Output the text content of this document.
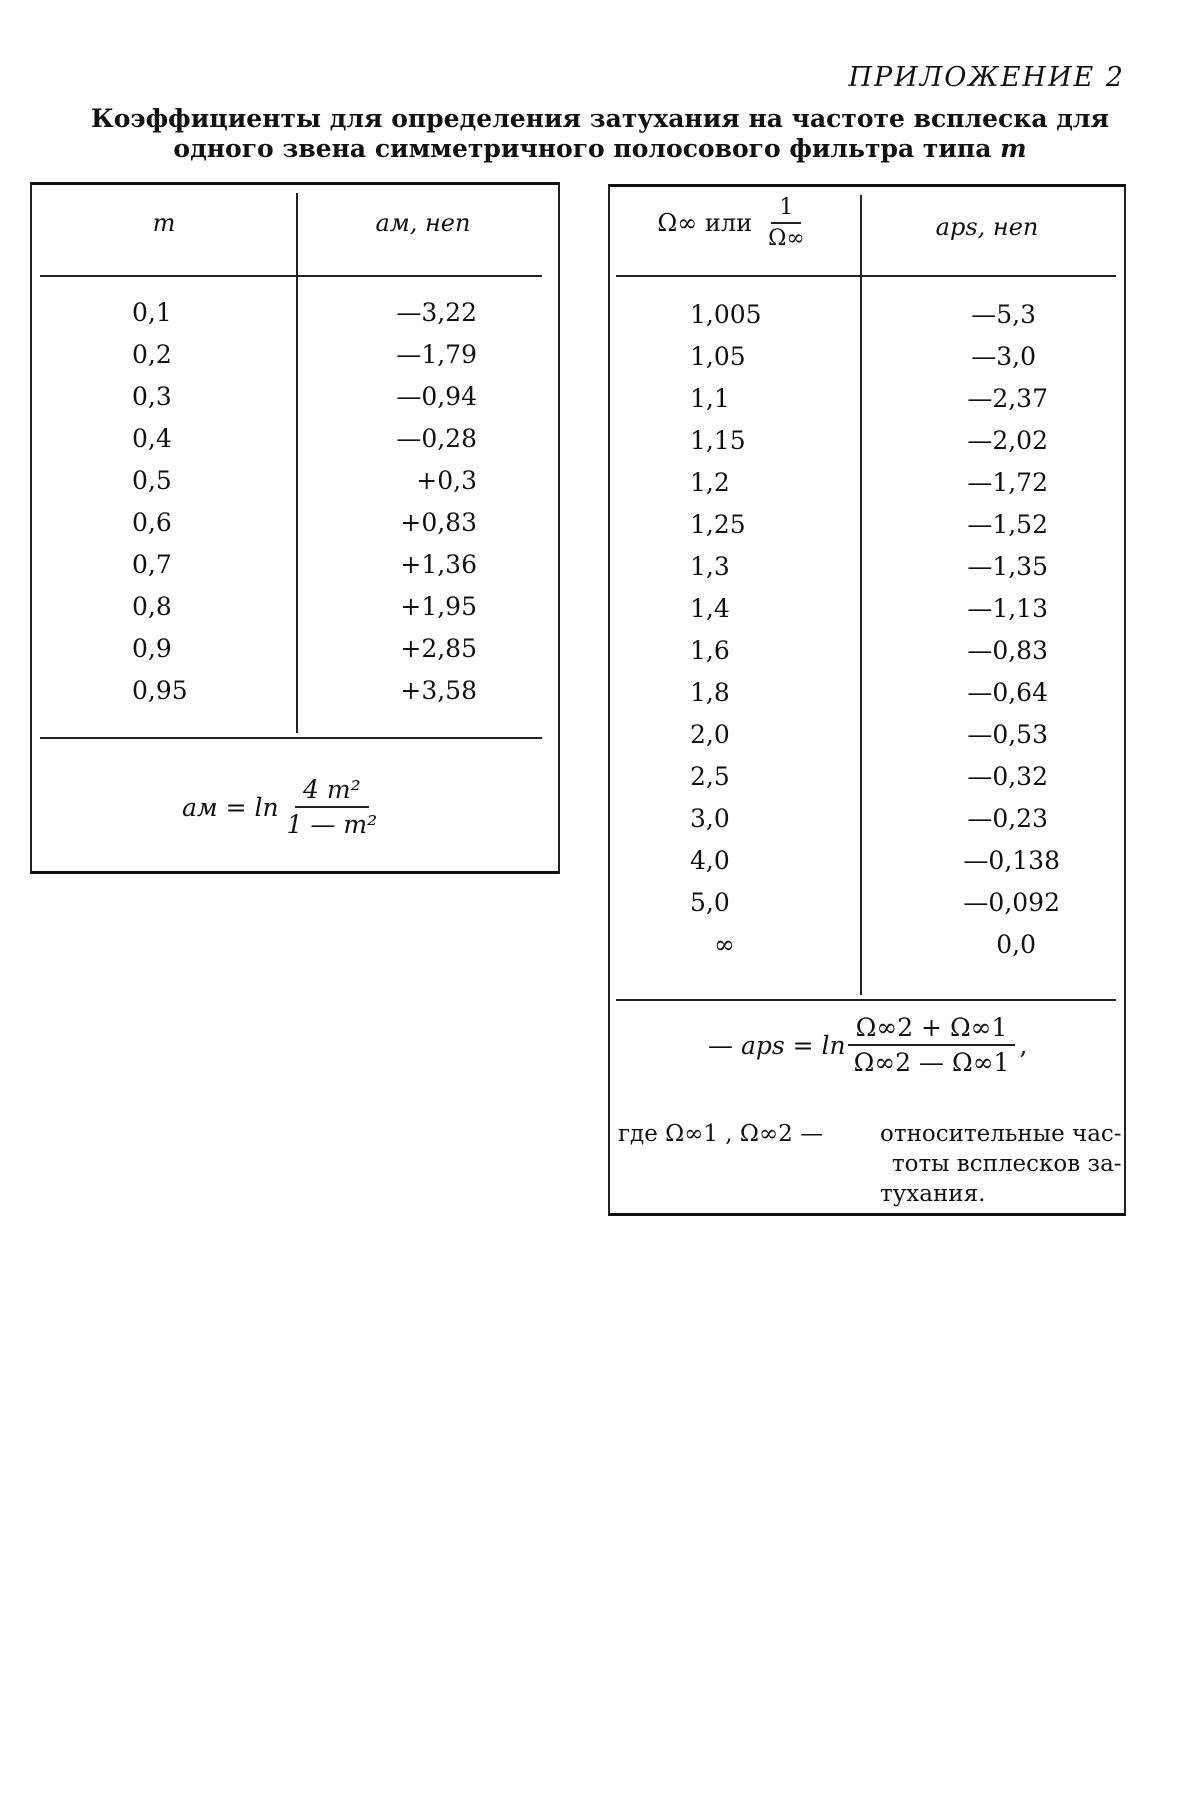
ПРИЛОЖЕНИЕ 2
Коэффициенты для определения затухания на частоте всплеска для
одного звена симметричного полосового фильтра типа m
m	aм, неп
0,1
0,2
0,3
0,4
0,5
0,6
0,7
0,8
0,9
0,95
—3,22
—1,79
—0,94
—0,28
+0,3
+0,83
+1,36
+1,95
+2,85
+3,58
aм = $\ln \frac{\text{4 m²}}{\text{1 — m²}}$
Ω∞ или $\frac{1}{\Omega\infty}$	aps, неп
1,005
1,05
1,1
1,15
1,2
1,25
1,3
1,4
1,6
1,8
2,0
2,5
3,0
4,0
5,0
∞
—5,3
—3,0
—2,37
—2,02
—1,72
—1,52
—1,35
—1,13
—0,83
—0,64
—0,53
—0,32
—0,23
—0,138
—0,092
0,0
— aps = $\ln \frac{\Omega\infty 2 + \Omega\infty 1}{\Omega\infty 2 — \Omega\infty 1}$ ,
где Ω∞1 , Ω∞2 — относительные час-
тоты всплесков за-
тухания.
